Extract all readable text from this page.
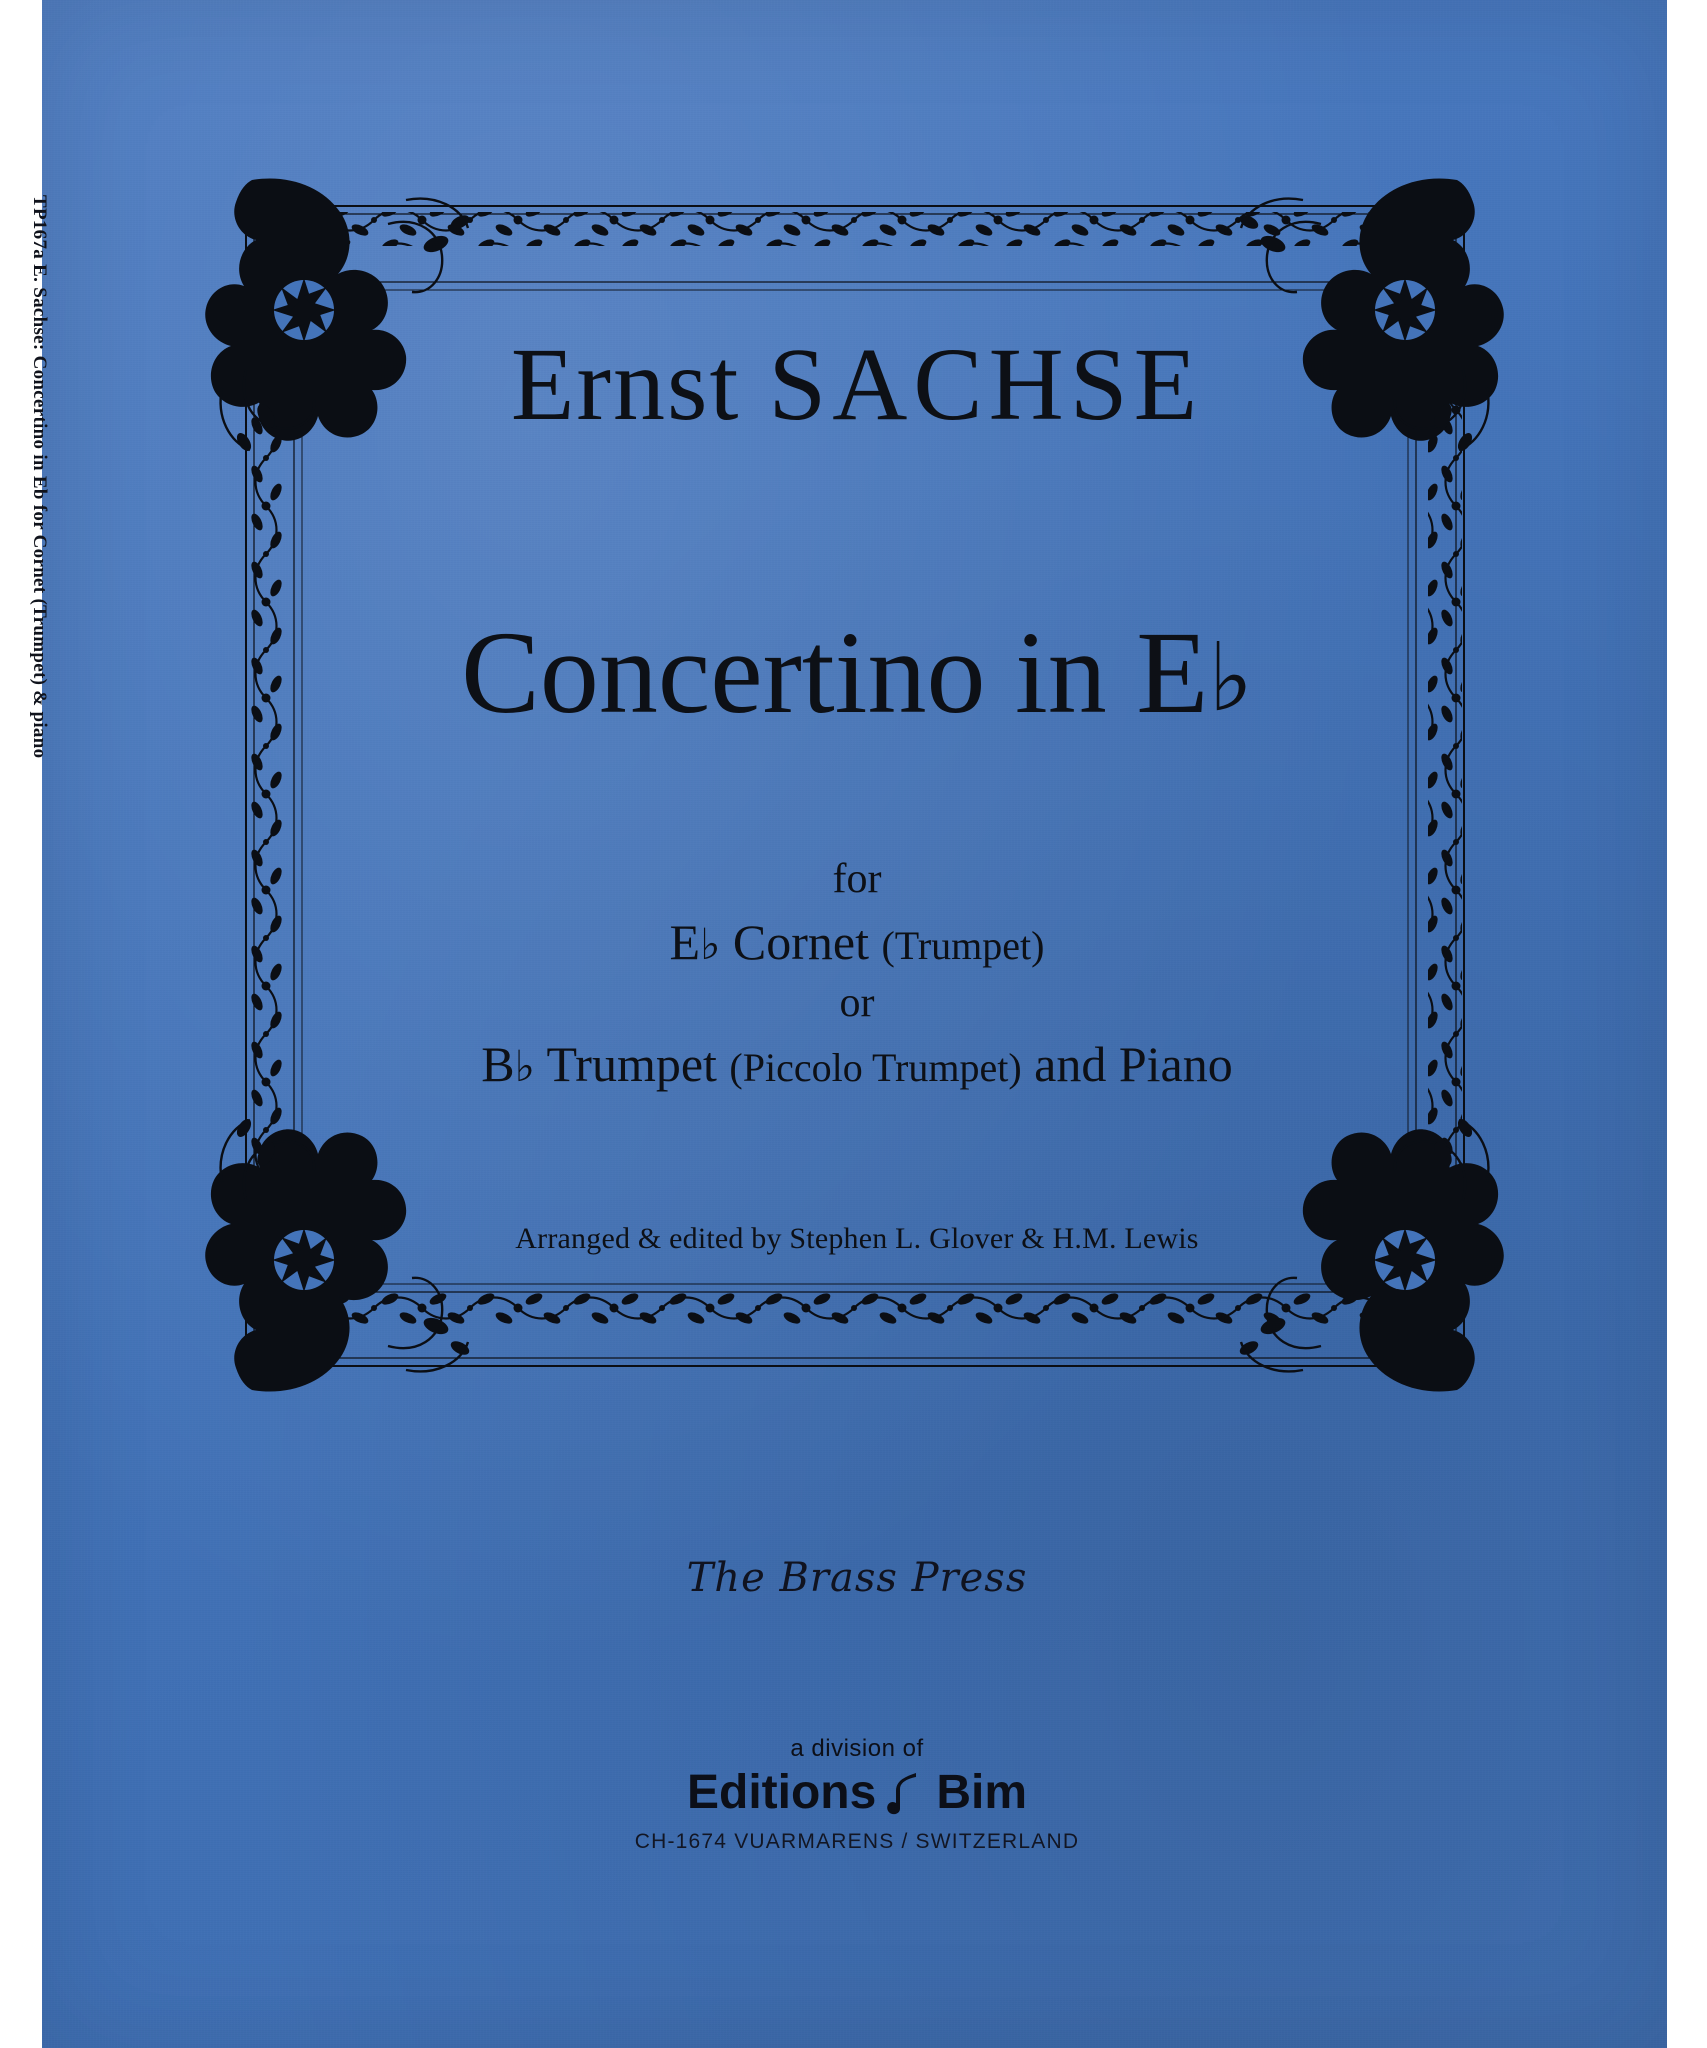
TP167a E. Sachse: Concertino in Eb for Cornet (Trumpet) & piano	Ernst SACHSE
Concertino in E♭
for
E♭ Cornet (Trumpet)
or
B♭ Trumpet (Piccolo Trumpet) and Piano
Arranged & edited by Stephen L. Glover & H.M. Lewis
The Brass Press
a division of
Editions Bim
CH-1674 VUARMARENS / SWITZERLAND
